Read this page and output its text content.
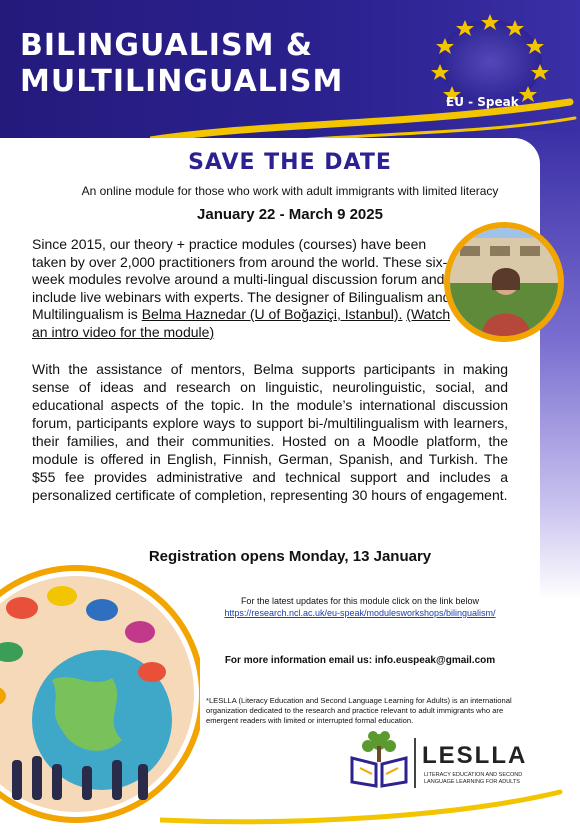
BILINGUALISM &
MULTILINGUALISM
EU - Speak
SAVE THE DATE
An online module for those who work with adult immigrants with limited literacy
January 22 - March 9 2025
Since 2015, our theory + practice modules (courses) have been taken by over 2,000 practitioners from around the world. These six-week modules revolve around a multi-lingual discussion forum and include live webinars with experts. The designer of Bilingualism and Multilingualism is Belma Haznedar (U of Boğaziçi, Istanbul). (Watch an intro video for the module)
With the assistance of mentors, Belma supports participants in making sense of ideas and research on linguistic, neurolinguistic, social, and educational aspects of the topic. In the module’s international discussion forum, participants explore ways to support bi-/multilingualism with learners, their families, and their communities. Hosted on a Moodle platform, the module is offered in English, Finnish, German, Spanish, and Turkish. The $55 fee provides administrative and technical support and includes a personalized certificate of completion, representing 30 hours of engagement.
Registration opens Monday, 13 January
For the latest updates for this module click on the link below
https://research.ncl.ac.uk/eu-speak/modulesworkshops/bilingualism/
For more information email us: info.euspeak@gmail.com
*LESLLA (Literacy Education and Second Language Learning for Adults) is an international organization dedicated to the research and practice relevant to adult immigrants who are emergent readers with limited or interrupted formal education.
LESLLA
LITERACY EDUCATION AND SECOND LANGUAGE LEARNING FOR ADULTS
